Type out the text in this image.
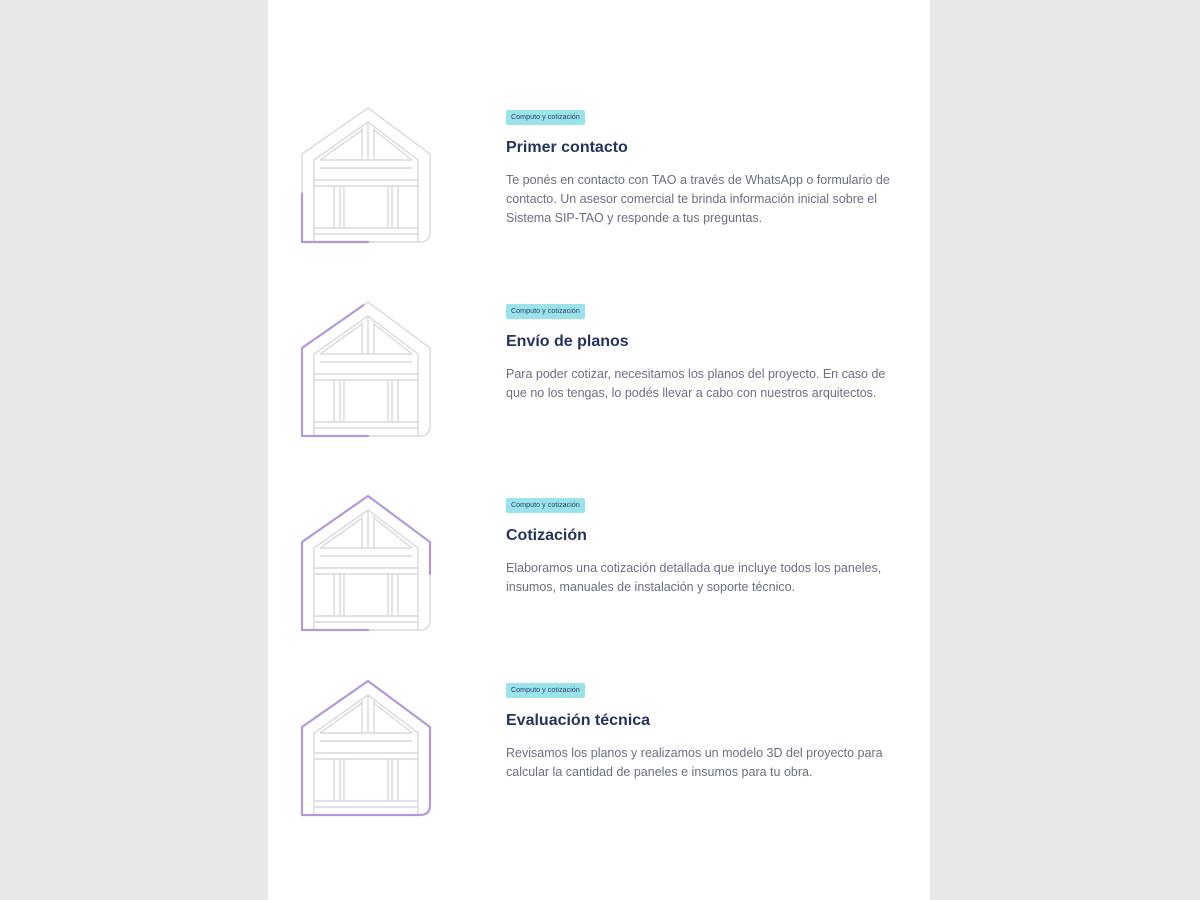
Computo y cotización
Primer contacto
Te ponés en contacto con TAO a través de WhatsApp o formulario de contacto. Un asesor comercial te brinda información inicial sobre el Sistema SIP-TAO y responde a tus preguntas.
Computo y cotización
Envío de planos
Para poder cotizar, necesitamos los planos del proyecto. En caso de que no los tengas, lo podés llevar a cabo con nuestros arquitectos.
Computo y cotización
Cotización
Elaboramos una cotización detallada que incluye todos los paneles, insumos, manuales de instalación y soporte técnico.
Computo y cotización
Evaluación técnica
Revisamos los planos y realizamos un modelo 3D del proyecto para calcular la cantidad de paneles e insumos para tu obra.
